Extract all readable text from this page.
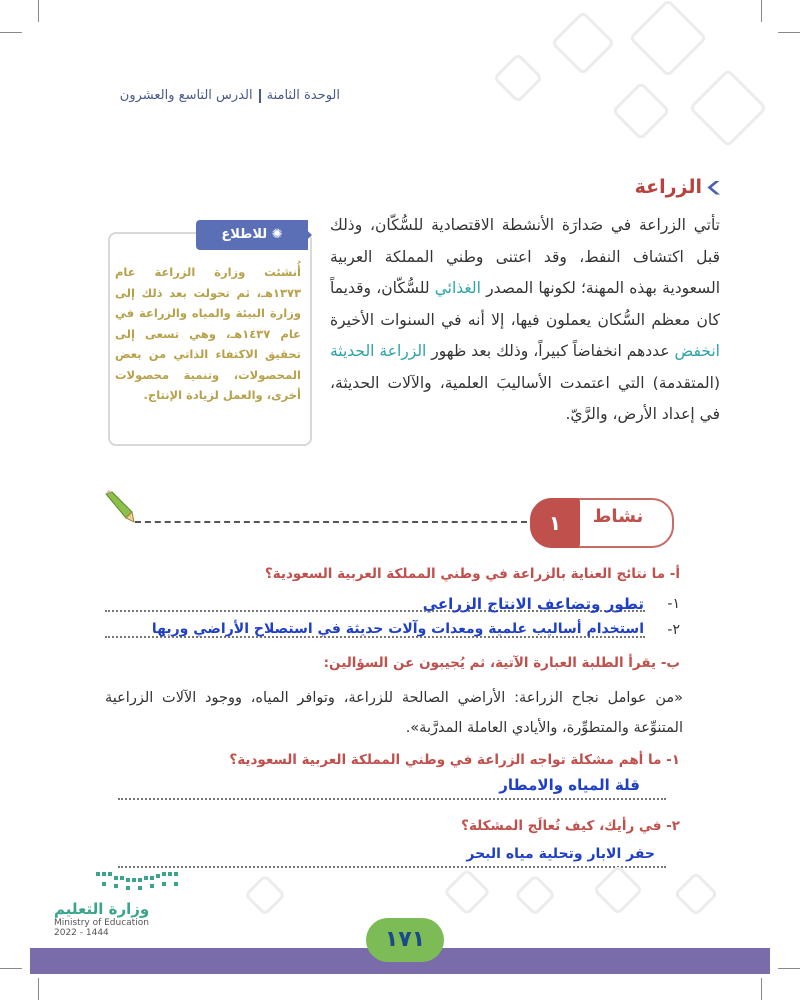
الوحدة الثامنةالدرس التاسع والعشرون
الزراعة
تأتي الزراعة في صَدارَة الأنشطة الاقتصادية للسُّكّان، وذلك قبل اكتشاف النفط، وقد اعتنى وطني المملكة العربية السعودية بهذه المهنة؛ لكونها المصدر الغذائي للسُّكّان، وقديماً كان معظم السُّكان يعملون فيها، إلا أنه في السنوات الأخيرة انخفض عددهم انخفاضاً كبيراً، وذلك بعد ظهور الزراعة الحديثة (المتقدمة) التي اعتمدت الأساليبَ العلمية، والآلات الحديثة، في إعداد الأرض، والرَّيّ.
✺ للاطلاع
أُنشئت وزارة الزراعة عام ١٣٧٣هـ، ثم تحولت بعد ذلك إلى وزارة البيئة والمياه والزراعة في عام ١٤٣٧هـ، وهي تسعى إلى تحقيق الاكتفاء الذاتي من بعض المحصولات، وتنمية محصولات أخرى، والعمل لزيادة الإنتاج.
١	نشاط
أ- ما نتائج العناية بالزراعة في وطني المملكة العربية السعودية؟
١-
تطور وتضاعف الانتاج الزراعي
٢-
استخدام أساليب علمية ومعدات وآلات حديثة في استصلاح الأراضي وريها
ب- يقرأ الطلبة العبارة الآتية، ثم يُجيبون عن السؤالين:
«من عوامل نجاح الزراعة: الأراضي الصالحة للزراعة، وتوافر المياه، ووجود الآلات الزراعية المتنوِّعة والمتطوِّرة، والأيادي العاملة المدرَّبة».
١- ما أهم مشكلة تواجه الزراعة في وطني المملكة العربية السعودية؟
قلة المياه والامطار
٢- في رأيك، كيف تُعالَج المشكلة؟
حفر الابار وتحلية مياه البحر
١٧١
وزارة التعليم
Ministry of Education
2022 - 1444
